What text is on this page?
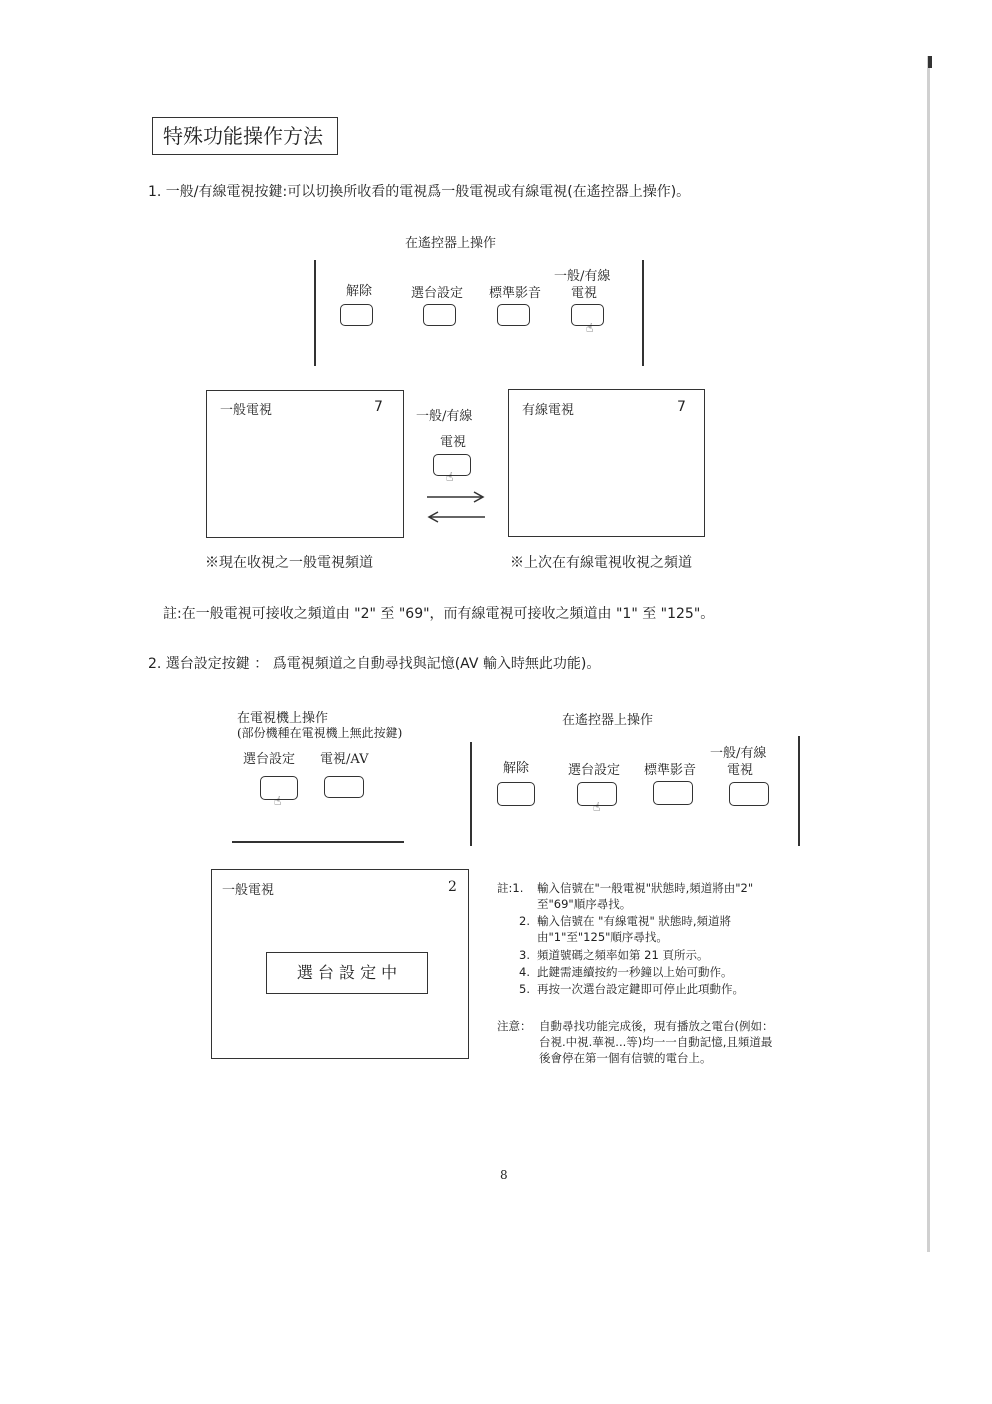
特殊功能操作方法
1. 一般/有線電視按鍵:可以切換所收看的電視爲一般電視或有線電視(在遙控器上操作)。
在遙控器上操作
解除	選台設定 標準影音
一般/有線
電視
☝
一般電視	7	有線電視	7
一般/有線
電視
☝
※現在收視之一般電視頻道	※上次在有線電視收視之頻道
註:在一般電視可接收之頻道由 "2" 至 "69"，而有線電視可接收之頻道由 "1" 至 "125"。
2. 選台設定按鍵 ： 爲電視頻道之自動尋找與記憶(AV 輸入時無此功能)。
在電視機上操作
(部份機種在電視機上無此按鍵)
選台設定 電視/AV
☝
在遙控器上操作
解除	選台設定 標準影音
一般/有線
電視
☝
一般電視	2
選 台 設 定 中
註:1. 輸入信號在"一般電視"狀態時,頻道將由"2" 至"69"順序尋找。
2. 輸入信號在 "有線電視" 狀態時,頻道將由"1"至"125"順序尋找。
3. 頻道號碼之頻率如第 21 頁所示。
4. 此鍵需連續按約一秒鐘以上始可動作。
5. 再按一次選台設定鍵即可停止此項動作。
注意： 自動尋找功能完成後，現有播放之電台(例如：台視.中視.華視...等)均一一自動記憶,且頻道最後會停在第一個有信號的電台上。
8
